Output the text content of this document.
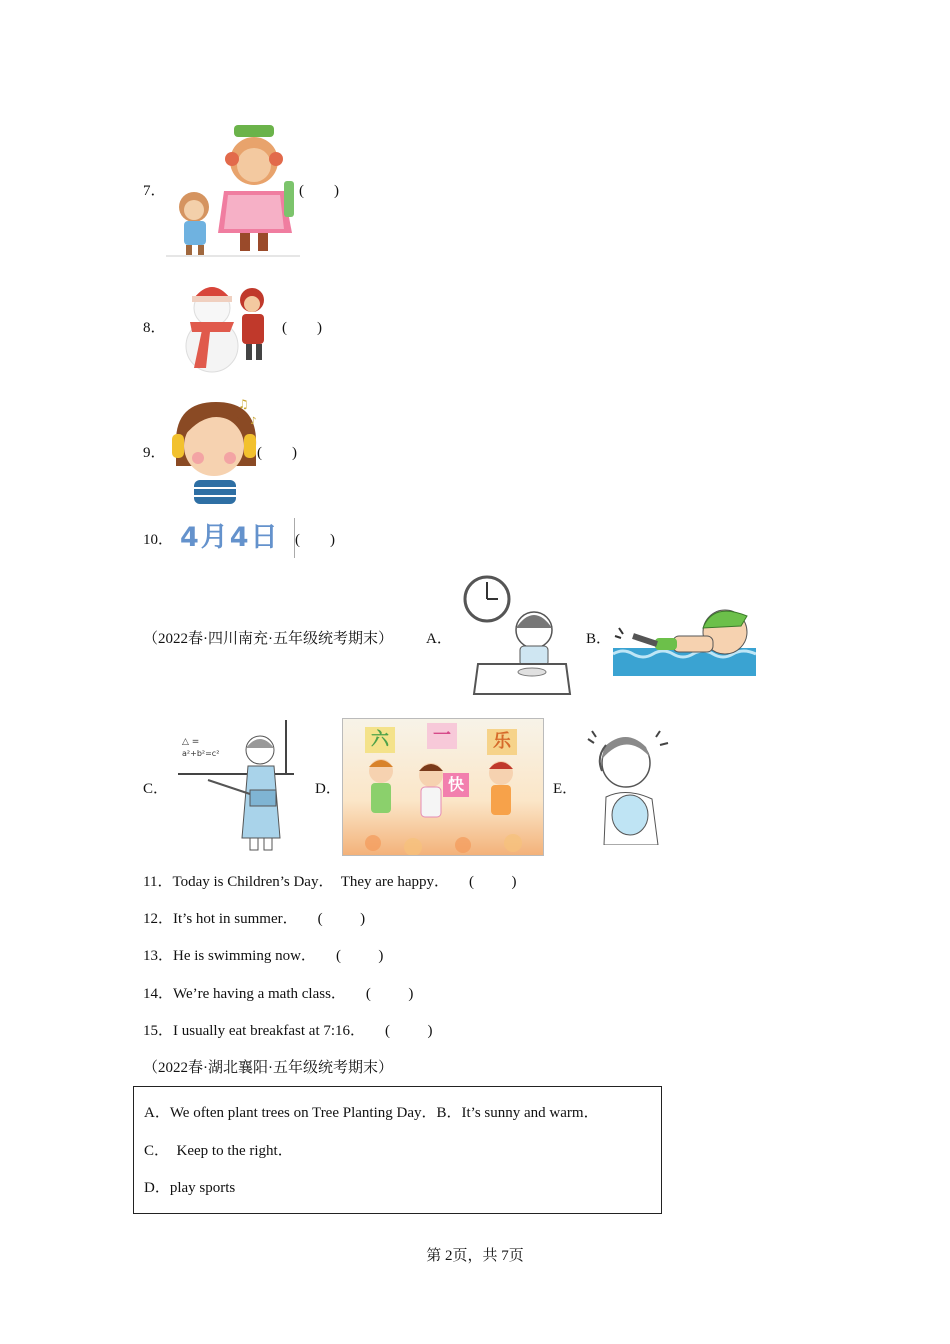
7．	(        )
8．	(        )
9．
♫
♪
(        )
10． 4月4日	(        )
（2022春·四川南充·五年级统考期末） A．	B．
C．
△ =
a²+b²=c²
D．
六	一
快
乐
E．
11．Today is Children’s Day．  They are happy． (          )
12．It’s hot in summer． (          )
13．He is swimming now． (          )
14．We’re having a math class． (          )
15．I usually eat breakfast at 7:16． (          )
（2022春·湖北襄阳·五年级统考期末）
A．We often plant trees on Tree Planting Day．B．It’s sunny and warm．
C．  Keep to the right．
D．play sports
第 2页，共 7页
